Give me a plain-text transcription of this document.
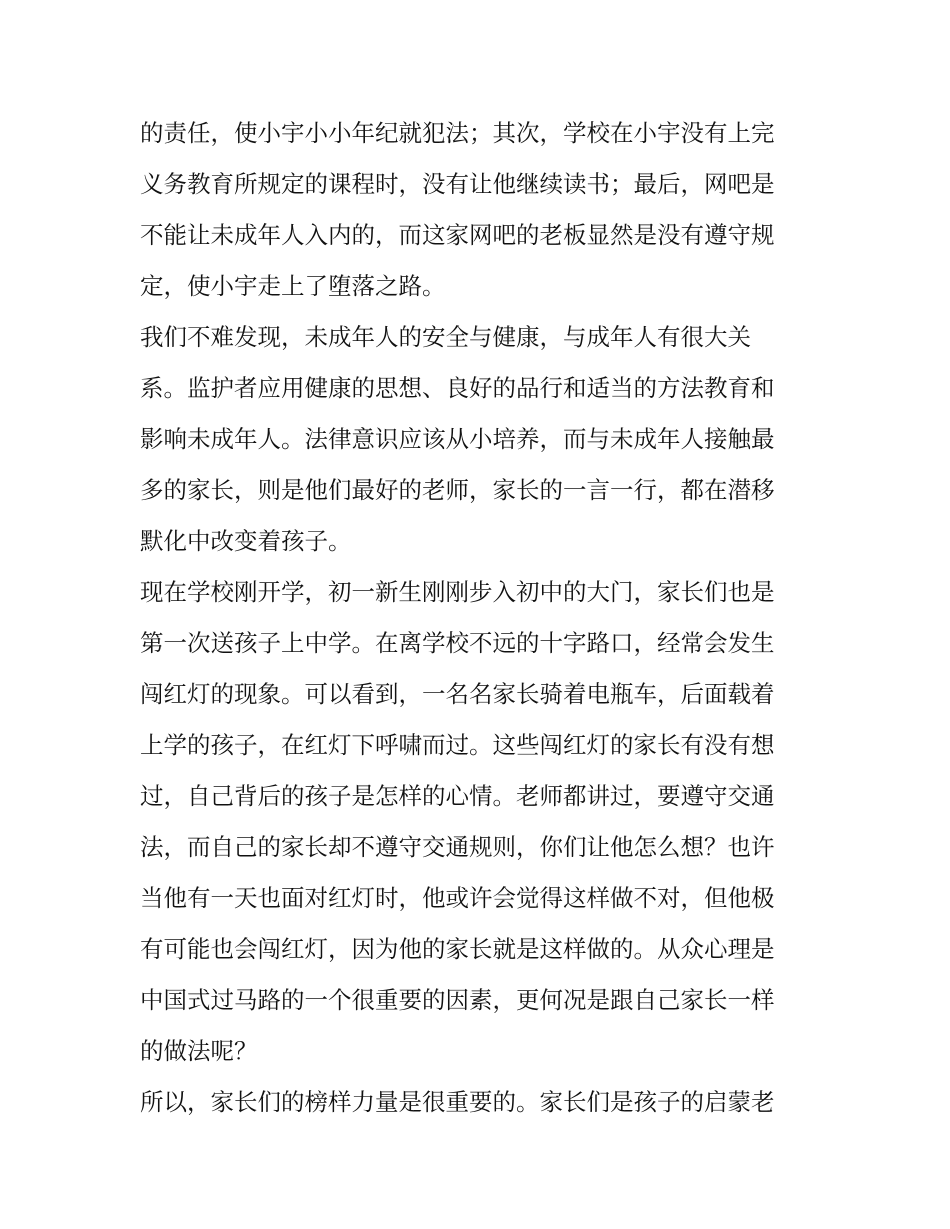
的责任，使小宇小小年纪就犯法；其次，学校在小宇没有上完
义务教育所规定的课程时，没有让他继续读书；最后，网吧是
不能让未成年人入内的，而这家网吧的老板显然是没有遵守规
定，使小宇走上了堕落之路。
我们不难发现，未成年人的安全与健康，与成年人有很大关
系。监护者应用健康的思想、良好的品行和适当的方法教育和
影响未成年人。法律意识应该从小培养，而与未成年人接触最
多的家长，则是他们最好的老师，家长的一言一行，都在潜移
默化中改变着孩子。
现在学校刚开学，初一新生刚刚步入初中的大门，家长们也是
第一次送孩子上中学。在离学校不远的十字路口，经常会发生
闯红灯的现象。可以看到，一名名家长骑着电瓶车，后面载着
上学的孩子，在红灯下呼啸而过。这些闯红灯的家长有没有想
过，自己背后的孩子是怎样的心情。老师都讲过，要遵守交通
法，而自己的家长却不遵守交通规则，你们让他怎么想？也许
当他有一天也面对红灯时，他或许会觉得这样做不对，但他极
有可能也会闯红灯，因为他的家长就是这样做的。从众心理是
中国式过马路的一个很重要的因素，更何况是跟自己家长一样
的做法呢？
所以，家长们的榜样力量是很重要的。家长们是孩子的启蒙老
